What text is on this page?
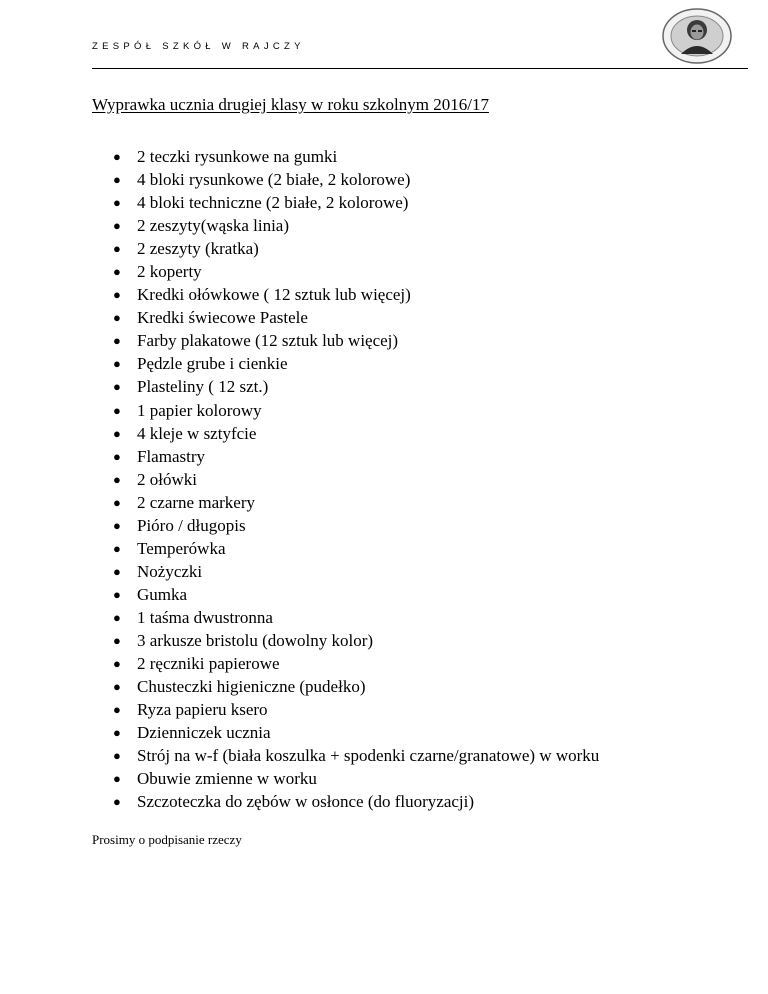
ZESPÓŁ SZKÓŁ W RAJCZY
Wyprawka ucznia drugiej klasy w roku szkolnym 2016/17
● 2 teczki rysunkowe na gumki
● 4 bloki rysunkowe (2 białe, 2 kolorowe)
● 4 bloki techniczne (2 białe, 2 kolorowe)
● 2 zeszyty(wąska linia)
● 2 zeszyty (kratka)
● 2 koperty
● Kredki ołówkowe ( 12 sztuk lub więcej)
● Kredki świecowe Pastele
● Farby plakatowe (12 sztuk lub więcej)
● Pędzle grube i cienkie
● Plasteliny ( 12 szt.)
● 1 papier kolorowy
● 4 kleje w sztyfcie
● Flamastry
● 2 ołówki
● 2 czarne markery
● Pióro / długopis
● Temperówka
● Nożyczki
● Gumka
● 1 taśma dwustronna
● 3 arkusze bristolu (dowolny kolor)
● 2 ręczniki papierowe
● Chusteczki higieniczne (pudełko)
● Ryza papieru ksero
● Dzienniczek ucznia
● Strój na w-f (biała koszulka + spodenki czarne/granatowe) w worku
● Obuwie zmienne w worku
● Szczoteczka do zębów w osłonce (do fluoryzacji)
Prosimy o podpisanie rzeczy
